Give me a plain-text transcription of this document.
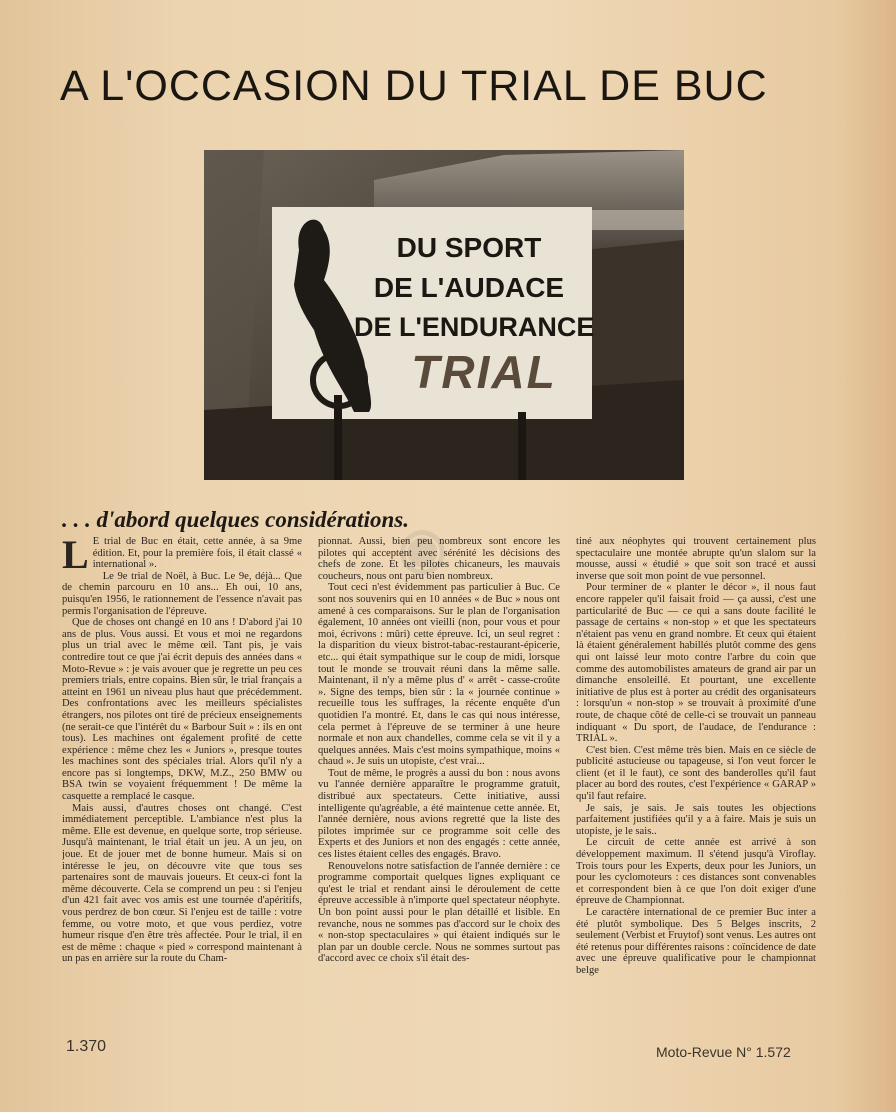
A L'OCCASION DU TRIAL DE BUC
DU SPORT
DE L'AUDACE
DE L'ENDURANCE
TRIAL
. . . d'abord quelques considérations.
◉
L E trial de Buc en était, cette année, à sa 9me édition. Et, pour la première fois, il était classé « international ».

Le 9e trial de Noël, à Buc. Le 9e, déjà... Que de chemin parcouru en 10 ans... Eh oui, 10 ans, puisqu'en 1956, le rationnement de l'essence n'avait pas permis l'organisation de l'épreuve.

Que de choses ont changé en 10 ans ! D'abord j'ai 10 ans de plus. Vous aussi. Et vous et moi ne regardons plus un trial avec le même œil. Tant pis, je vais contredire tout ce que j'ai écrit depuis des années dans « Moto-Revue » : je vais avouer que je regrette un peu ces premiers trials, entre copains. Bien sûr, le trial français a atteint en 1961 un niveau plus haut que précédemment. Des confrontations avec les meilleurs spécialistes étrangers, nos pilotes ont tiré de précieux enseignements (ne serait-ce que l'intérêt du « Barbour Suit » : ils en ont tous). Les machines ont également profité de cette expérience : même chez les « Juniors », presque toutes les machines sont des spéciales trial. Alors qu'il n'y a encore pas si longtemps, DKW, M.Z., 250 BMW ou BSA twin se voyaient fréquemment ! De même la casquette a remplacé le casque.

Mais aussi, d'autres choses ont changé. C'est immédiatement perceptible. L'ambiance n'est plus la même. Elle est devenue, en quelque sorte, trop sérieuse. Jusqu'à maintenant, le trial était un jeu. A un jeu, on joue. Et de jouer met de bonne humeur. Mais si on intéresse le jeu, on découvre vite que tous ses partenaires sont de mauvais joueurs. Et ceux-ci font la même découverte. Cela se comprend un peu : si l'enjeu d'un 421 fait avec vos amis est une tournée d'apéritifs, vous perdrez de bon cœur. Si l'enjeu est de taille : votre femme, ou votre moto, et que vous perdiez, votre humeur risque d'en être très affectée. Pour le trial, il en est de même : chaque « pied » correspond maintenant à un pas en arrière sur la route du Cham-

pionnat. Aussi, bien peu nombreux sont encore les pilotes qui acceptent avec sérénité les décisions des chefs de zone. Et les pilotes chicaneurs, les mauvais coucheurs, nous ont paru bien nombreux.

Tout ceci n'est évidemment pas particulier à Buc. Ce sont nos souvenirs qui en 10 années « de Buc » nous ont amené à ces comparaisons. Sur le plan de l'organisation également, 10 années ont vieilli (non, pour vous et pour moi, écrivons : mûri) cette épreuve. Ici, un seul regret : la disparition du vieux bistrot-tabac-restaurant-épicerie, etc... qui était sympathique sur le coup de midi, lorsque tout le monde se trouvait réuni dans la même salle. Maintenant, il n'y a même plus d' « arrêt - casse-croûte ». Signe des temps, bien sûr : la « journée continue » recueille tous les suffrages, la récente enquête d'un quotidien l'a montré. Et, dans le cas qui nous intéresse, cela permet à l'épreuve de se terminer à une heure normale et non aux chandelles, comme cela se vit il y a quelques années. Mais c'est moins sympathique, moins « chaud ». Je suis un utopiste, c'est vrai...

Tout de même, le progrès a aussi du bon : nous avons vu l'année dernière apparaître le programme gratuit, distribué aux spectateurs. Cette initiative, aussi intelligente qu'agréable, a été maintenue cette année. Et, l'année dernière, nous avions regretté que la liste des pilotes imprimée sur ce programme soit celle des Experts et des Juniors et non des engagés : cette année, ces listes étaient celles des engagés. Bravo.

Renouvelons notre satisfaction de l'année dernière : ce programme comportait quelques lignes expliquant ce qu'est le trial et rendant ainsi le déroulement de cette épreuve accessible à n'importe quel spectateur néophyte. Un bon point aussi pour le plan détaillé et lisible. En revanche, nous ne sommes pas d'accord sur le choix des « non-stop spectaculaires » qui étaient indiqués sur le plan par un double cercle. Nous ne sommes surtout pas d'accord avec ce choix s'il était des-

tiné aux néophytes qui trouvent certainement plus spectaculaire une montée abrupte qu'un slalom sur la mousse, aussi « étudié » que soit son tracé et aussi inverse que soit mon point de vue personnel.

Pour terminer de « planter le décor », il nous faut encore rappeler qu'il faisait froid — ça aussi, c'est une particularité de Buc — ce qui a sans doute facilité le passage de certains « non-stop » et que les spectateurs n'étaient pas venu en grand nombre. Et ceux qui étaient là étaient généralement habillés plutôt comme des gens qui ont laissé leur moto contre l'arbre du coin que comme des automobilistes amateurs de grand air par un dimanche ensoleillé. Et pourtant, une excellente initiative de plus est à porter au crédit des organisateurs : lorsqu'un « non-stop » se trouvait à proximité d'une route, de chaque côté de celle-ci se trouvait un panneau indiquant « Du sport, de l'audace, de l'endurance : TRIAL ».

C'est bien. C'est même très bien. Mais en ce siècle de publicité astucieuse ou tapageuse, si l'on veut forcer le client (et il le faut), ce sont des banderolles qu'il faut placer au bord des routes, c'est l'expérience « GARAP » qu'il faut refaire.

Je sais, je sais. Je sais toutes les objections parfaitement justifiées qu'il y a à faire. Mais je suis un utopiste, je le sais..

Le circuit de cette année est arrivé à son développement maximum. Il s'étend jusqu'à Viroflay. Trois tours pour les Experts, deux pour les Juniors, un pour les cyclomoteurs : ces distances sont convenables et correspondent bien à ce que l'on doit exiger d'une épreuve de Championnat.

Le caractère international de ce premier Buc inter a été plutôt symbolique. Des 5 Belges inscrits, 2 seulement (Verbist et Fruytof) sont venus. Les autres ont été retenus pour différentes raisons : coïncidence de date avec une épreuve qualificative pour le championnat belge

1.370	Moto-Revue N° 1.572
